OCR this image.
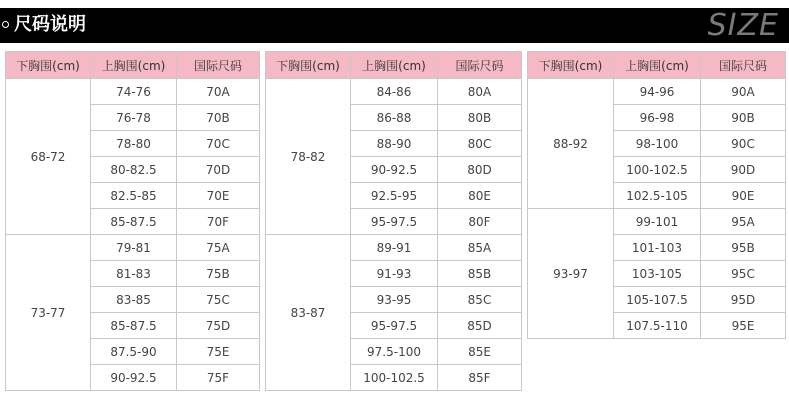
尺码说明	SIZE
下胸围(cm)	上胸围(cm)	国际尺码
68-72	74-76	70A
	76-78	70B
	78-80	70C
	80-82.5	70D
	82.5-85	70E
	85-87.5	70F
73-77	79-81	75A
	81-83	75B
	83-85	75C
	85-87.5	75D
	87.5-90	75E
	90-92.5	75F
下胸围(cm)	上胸围(cm)	国际尺码
78-82	84-86	80A
	86-88	80B
	88-90	80C
	90-92.5	80D
	92.5-95	80E
	95-97.5	80F
83-87	89-91	85A
	91-93	85B
	93-95	85C
	95-97.5	85D
	97.5-100	85E
	100-102.5	85F
下胸围(cm)	上胸围(cm)	国际尺码
88-92	94-96	90A
	96-98	90B
	98-100	90C
	100-102.5	90D
	102.5-105	90E
93-97	99-101	95A
	101-103	95B
	103-105	95C
	105-107.5	95D
	107.5-110	95E
